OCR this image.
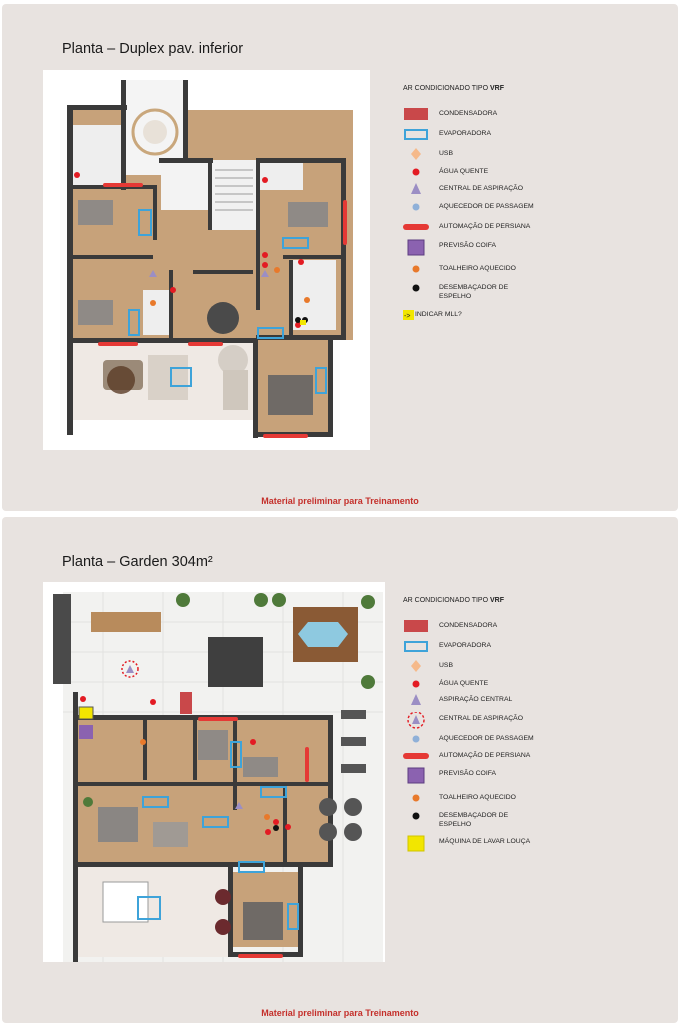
Planta – Duplex pav. inferior
AR CONDICIONADO TIPO VRF
CONDENSADORA
EVAPORADORA
USB
ÁGUA QUENTE
CENTRAL DE ASPIRAÇÃO
AQUECEDOR DE PASSAGEM
AUTOMAÇÃO DE PERSIANA
PREVISÃO COIFA
TOALHEIRO AQUECIDO
DESEMBAÇADOR DE
ESPELHO
-> INDICAR MLL?
Material preliminar para Treinamento
Planta – Garden 304m²
AR CONDICIONADO TIPO VRF
CONDENSADORA
EVAPORADORA
USB
ÁGUA QUENTE
ASPIRAÇÃO CENTRAL
CENTRAL DE ASPIRAÇÃO
AQUECEDOR DE PASSAGEM
AUTOMAÇÃO DE PERSIANA
PREVISÃO COIFA
TOALHEIRO AQUECIDO
DESEMBAÇADOR DE
ESPELHO
MÁQUINA DE LAVAR LOUÇA
Material preliminar para Treinamento
